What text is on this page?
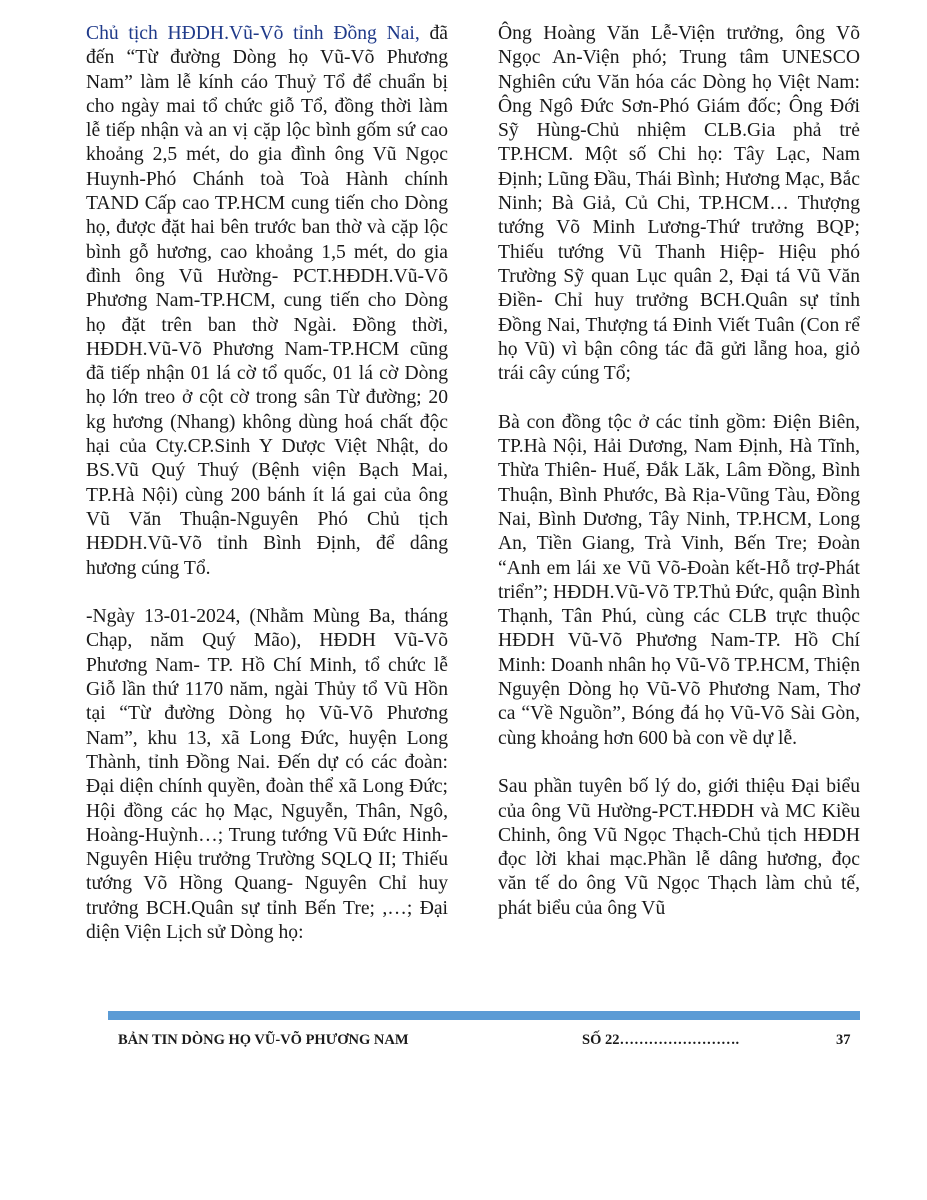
Chủ tịch HĐDH.Vũ-Võ tỉnh Đồng Nai, đã đến “Từ đường Dòng họ Vũ-Võ Phương Nam” làm lễ kính cáo Thuỷ Tổ để chuẩn bị cho ngày mai tổ chức giỗ Tổ, đồng thời làm lễ tiếp nhận và an vị cặp lộc bình gốm sứ cao khoảng 2,5 mét, do gia đình ông Vũ Ngọc Huynh-Phó Chánh toà Toà Hành chính TAND Cấp cao TP.HCM cung tiến cho Dòng họ, được đặt hai bên trước ban thờ và cặp lộc bình gỗ hương, cao khoảng 1,5 mét, do gia đình ông Vũ Hường- PCT.HĐDH.Vũ-Võ Phương Nam-TP.HCM, cung tiến cho Dòng họ đặt trên ban thờ Ngài. Đồng thời, HĐDH.Vũ-Võ Phương Nam-TP.HCM cũng đã tiếp nhận 01 lá cờ tổ quốc, 01 lá cờ Dòng họ lớn treo ở cột cờ trong sân Từ đường; 20 kg hương (Nhang) không dùng hoá chất độc hại của Cty.CP.Sinh Y Dược Việt Nhật, do BS.Vũ Quý Thuý (Bệnh viện Bạch Mai, TP.Hà Nội) cùng 200 bánh ít lá gai của ông Vũ Văn Thuận-Nguyên Phó Chủ tịch HĐDH.Vũ-Võ tỉnh Bình Định, để dâng hương cúng Tổ.

-Ngày 13-01-2024, (Nhằm Mùng Ba, tháng Chạp, năm Quý Mão), HĐDH Vũ-Võ Phương Nam- TP. Hồ Chí Minh, tổ chức lễ Giỗ lần thứ 1170 năm, ngài Thủy tổ Vũ Hồn tại “Từ đường Dòng họ Vũ-Võ Phương Nam”, khu 13, xã Long Đức, huyện Long Thành, tỉnh Đồng Nai. Đến dự có các đoàn: Đại diện chính quyền, đoàn thể xã Long Đức; Hội đồng các họ Mạc, Nguyễn, Thân, Ngô, Hoàng-Huỳnh…; Trung tướng Vũ Đức Hinh-Nguyên Hiệu trưởng Trường SQLQ II; Thiếu tướng Võ Hồng Quang- Nguyên Chỉ huy trưởng BCH.Quân sự tỉnh Bến Tre; ,…; Đại diện Viện Lịch sử Dòng họ:

Ông Hoàng Văn Lễ-Viện trưởng, ông Võ Ngọc An-Viện phó; Trung tâm UNESCO Nghiên cứu Văn hóa các Dòng họ Việt Nam: Ông Ngô Đức Sơn-Phó Giám đốc; Ông Đới Sỹ Hùng-Chủ nhiệm CLB.Gia phả trẻ TP.HCM. Một số Chi họ: Tây Lạc, Nam Định; Lũng Đầu, Thái Bình; Hương Mạc, Bắc Ninh; Bà Giả, Củ Chi, TP.HCM… Thượng tướng Võ Minh Lương-Thứ trưởng BQP; Thiếu tướng Vũ Thanh Hiệp- Hiệu phó Trường Sỹ quan Lục quân 2, Đại tá Vũ Văn Điền- Chỉ huy trưởng BCH.Quân sự tỉnh Đồng Nai, Thượng tá Đinh Viết Tuân (Con rể họ Vũ) vì bận công tác đã gửi lẵng hoa, giỏ trái cây cúng Tổ;

Bà con đồng tộc ở các tỉnh gồm: Điện Biên, TP.Hà Nội, Hải Dương, Nam Định, Hà Tĩnh, Thừa Thiên- Huế, Đắk Lăk, Lâm Đồng, Bình Thuận, Bình Phước, Bà Rịa-Vũng Tàu, Đồng Nai, Bình Dương, Tây Ninh, TP.HCM, Long An, Tiền Giang, Trà Vinh, Bến Tre; Đoàn “Anh em lái xe Vũ Võ-Đoàn kết-Hỗ trợ-Phát triển”; HĐDH.Vũ-Võ TP.Thủ Đức, quận Bình Thạnh, Tân Phú, cùng các CLB trực thuộc HĐDH Vũ-Võ Phương Nam-TP. Hồ Chí Minh: Doanh nhân họ Vũ-Võ TP.HCM, Thiện Nguyện Dòng họ Vũ-Võ Phương Nam, Thơ ca “Về Nguồn”, Bóng đá họ Vũ-Võ Sài Gòn, cùng khoảng hơn 600 bà con về dự lễ.

Sau phần tuyên bố lý do, giới thiệu Đại biểu của ông Vũ Hường-PCT.HĐDH và MC Kiều Chinh, ông Vũ Ngọc Thạch-Chủ tịch HĐDH đọc lời khai mạc.Phần lễ dâng hương, đọc văn tế do ông Vũ Ngọc Thạch làm chủ tế, phát biểu của ông Vũ

BẢN TIN DÒNG HỌ VŨ-VÕ PHƯƠNG NAM	SỐ 22…………………….	37
